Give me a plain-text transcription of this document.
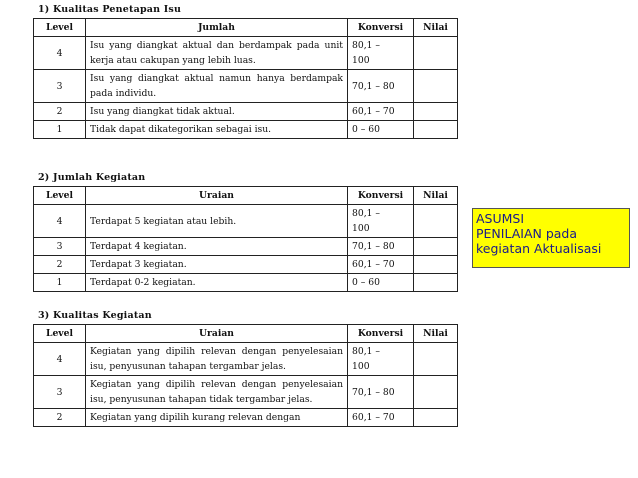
1) Kualitas Penetapan Isu
Level	Jumlah	Konversi	Nilai
4	Isu yang diangkat aktual dan berdampak pada unit kerja atau cakupan yang lebih luas.	80,1 –
100	
3	Isu yang diangkat aktual namun hanya berdampak pada individu.	70,1 – 80	
2	Isu yang diangkat tidak aktual.	60,1 – 70	
1	Tidak dapat dikategorikan sebagai isu.	0 – 60	
2) Jumlah Kegiatan
Level	Uraian	Konversi	Nilai
4	Terdapat 5 kegiatan atau lebih.	80,1 –
100	
3	Terdapat 4 kegiatan.	70,1 – 80	
2	Terdapat 3 kegiatan.	60,1 – 70	
1	Terdapat 0-2 kegiatan.	0 – 60	
3) Kualitas Kegiatan
Level	Uraian	Konversi	Nilai
4	Kegiatan yang dipilih relevan dengan penyelesaian isu, penyusunan tahapan tergambar jelas.	80,1 –
100	
3	Kegiatan yang dipilih relevan dengan penyelesaian isu, penyusunan tahapan tidak tergambar jelas.	70,1 – 80	
2	Kegiatan yang dipilih kurang relevan dengan	60,1 – 70	
ASUMSI
PENILAIAN pada
kegiatan Aktualisasi
